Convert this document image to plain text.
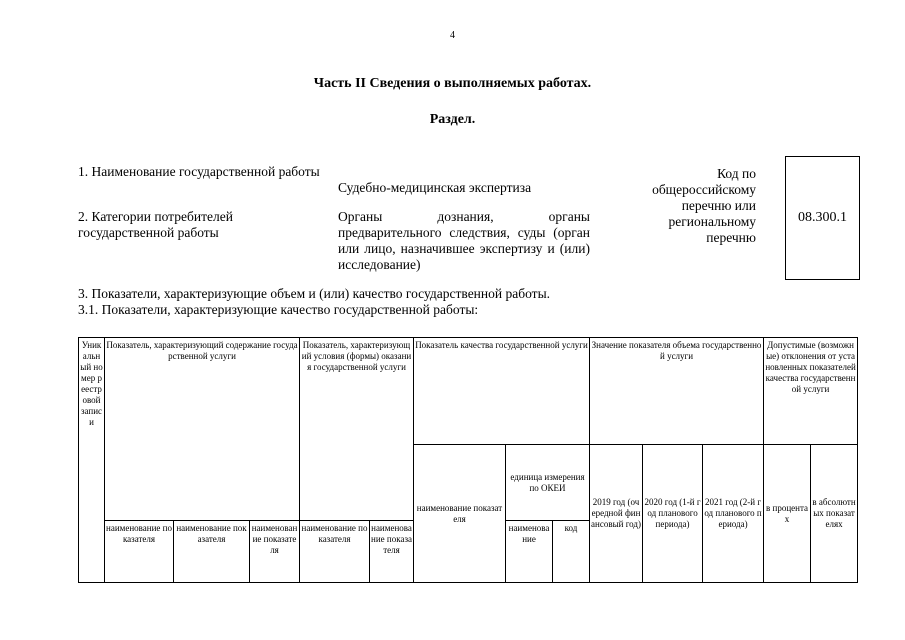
4
Часть II Сведения о выполняемых работах.
Раздел.
1. Наименование государственной работы
Судебно-медицинская экспертиза
2. Категории потребителей государственной работы
Органы дознания, органы предварительного следствия, суды (орган или лицо, назначившее экспертизу и (или) исследование)
Код по общероссийскому перечню или региональному перечню
08.300.1
3. Показатели, характеризующие объем и (или) качество государственной работы.
3.1. Показатели, характеризующие качество государственной работы:
Уникальный номер реестровой записи	Показатель, характеризующий содержание государственной услуги			Показатель, характеризующий условия (формы) оказания государственной услуги		Показатель качества государственной услуги			Значение показателя объема государственной услуги			Допустимые (возможные) отклонения от установленных показателей качества государственной услуги	
						наименование показателя	единица измерения по ОКЕИ		2019 год (очередной финансовый год)	2020 год (1-й год планового периода)	2021 год (2-й год планового периода)	в процентах	в абсолютных показателях
	наименование показателя	наименование показателя	наименование показателя	наименование показателя	наименование показателя		наименование	код					
